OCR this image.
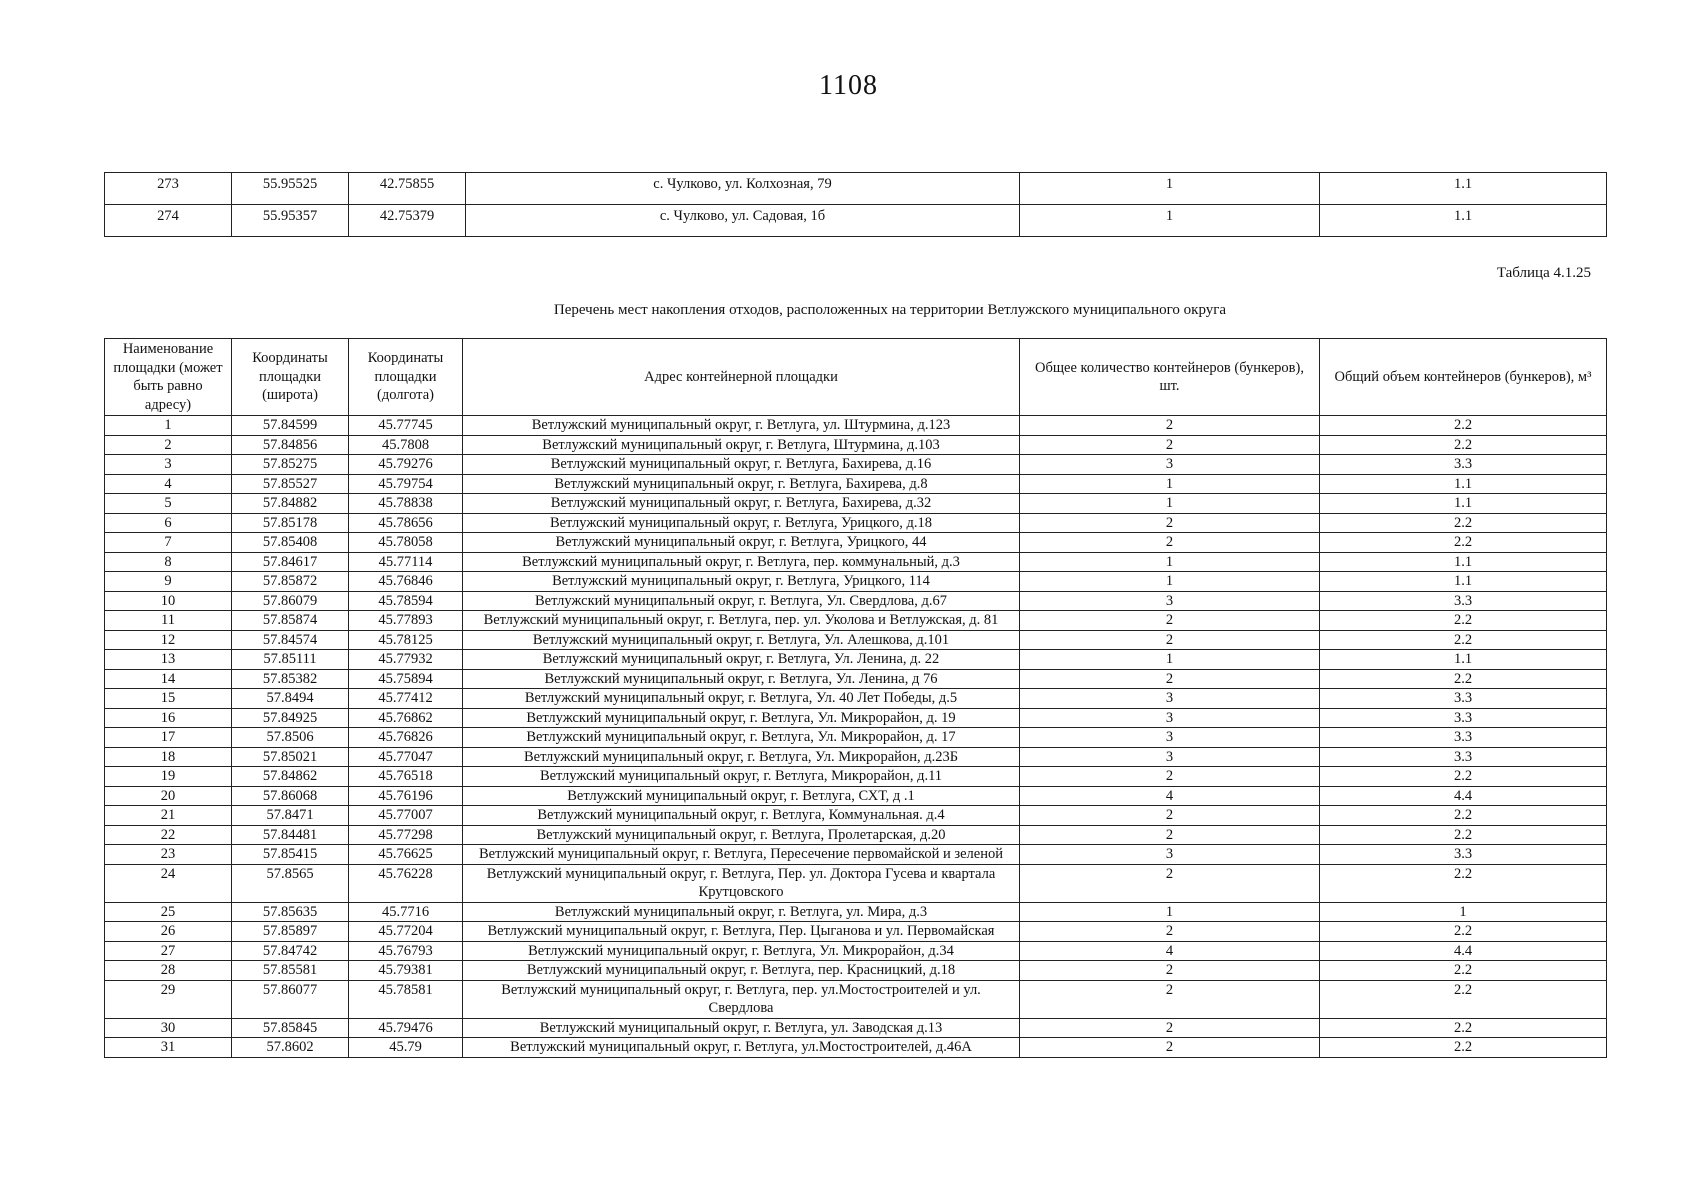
1108
273	55.95525	42.75855	с. Чулково, ул. Колхозная, 79	1	1.1
274	55.95357	42.75379	с. Чулково, ул. Садовая, 1б	1	1.1
Таблица 4.1.25
Перечень мест накопления отходов, расположенных на территории Ветлужского муниципального округа
Наименование площадки (может быть равно адресу)	Координаты площадки (широта)	Координаты площадки (долгота)	Адрес контейнерной площадки	Общее количество контейнеров (бункеров), шт.	Общий объем контейнеров (бункеров), м³
1	57.84599	45.77745	Ветлужский муниципальный округ, г. Ветлуга, ул. Штурмина, д.123	2	2.2
2	57.84856	45.7808	Ветлужский муниципальный округ, г. Ветлуга, Штурмина, д.103	2	2.2
3	57.85275	45.79276	Ветлужский муниципальный округ, г. Ветлуга, Бахирева, д.16	3	3.3
4	57.85527	45.79754	Ветлужский муниципальный округ, г. Ветлуга, Бахирева, д.8	1	1.1
5	57.84882	45.78838	Ветлужский муниципальный округ, г. Ветлуга, Бахирева, д.32	1	1.1
6	57.85178	45.78656	Ветлужский муниципальный округ, г. Ветлуга, Урицкого, д.18	2	2.2
7	57.85408	45.78058	Ветлужский муниципальный округ, г. Ветлуга, Урицкого, 44	2	2.2
8	57.84617	45.77114	Ветлужский муниципальный округ, г. Ветлуга, пер. коммунальный, д.3	1	1.1
9	57.85872	45.76846	Ветлужский муниципальный округ, г. Ветлуга, Урицкого, 114	1	1.1
10	57.86079	45.78594	Ветлужский муниципальный округ, г. Ветлуга, Ул. Свердлова, д.67	3	3.3
11	57.85874	45.77893	Ветлужский муниципальный округ, г. Ветлуга, пер. ул. Уколова и Ветлужская, д. 81	2	2.2
12	57.84574	45.78125	Ветлужский муниципальный округ, г. Ветлуга, Ул. Алешкова, д.101	2	2.2
13	57.85111	45.77932	Ветлужский муниципальный округ, г. Ветлуга, Ул. Ленина, д. 22	1	1.1
14	57.85382	45.75894	Ветлужский муниципальный округ, г. Ветлуга, Ул. Ленина, д 76	2	2.2
15	57.8494	45.77412	Ветлужский муниципальный округ, г. Ветлуга, Ул. 40 Лет Победы, д.5	3	3.3
16	57.84925	45.76862	Ветлужский муниципальный округ, г. Ветлуга, Ул. Микрорайон, д. 19	3	3.3
17	57.8506	45.76826	Ветлужский муниципальный округ, г. Ветлуга, Ул. Микрорайон, д. 17	3	3.3
18	57.85021	45.77047	Ветлужский муниципальный округ, г. Ветлуга, Ул. Микрорайон, д.23Б	3	3.3
19	57.84862	45.76518	Ветлужский муниципальный округ, г. Ветлуга, Микрорайон, д.11	2	2.2
20	57.86068	45.76196	Ветлужский муниципальный округ, г. Ветлуга, СХТ, д .1	4	4.4
21	57.8471	45.77007	Ветлужский муниципальный округ, г. Ветлуга, Коммунальная. д.4	2	2.2
22	57.84481	45.77298	Ветлужский муниципальный округ, г. Ветлуга, Пролетарская, д.20	2	2.2
23	57.85415	45.76625	Ветлужский муниципальный округ, г. Ветлуга, Пересечение первомайской и зеленой	3	3.3
24	57.8565	45.76228	Ветлужский муниципальный округ, г. Ветлуга, Пер. ул. Доктора Гусева и квартала Крутцовского	2	2.2
25	57.85635	45.7716	Ветлужский муниципальный округ, г. Ветлуга, ул. Мира, д.3	1	1
26	57.85897	45.77204	Ветлужский муниципальный округ, г. Ветлуга, Пер. Цыганова и ул. Первомайская	2	2.2
27	57.84742	45.76793	Ветлужский муниципальный округ, г. Ветлуга, Ул. Микрорайон, д.34	4	4.4
28	57.85581	45.79381	Ветлужский муниципальный округ, г. Ветлуга, пер. Красницкий, д.18	2	2.2
29	57.86077	45.78581	Ветлужский муниципальный округ, г. Ветлуга, пер. ул.Мостостроителей и ул. Свердлова	2	2.2
30	57.85845	45.79476	Ветлужский муниципальный округ, г. Ветлуга, ул. Заводская д.13	2	2.2
31	57.8602	45.79	Ветлужский муниципальный округ, г. Ветлуга, ул.Мостостроителей, д.46А	2	2.2
